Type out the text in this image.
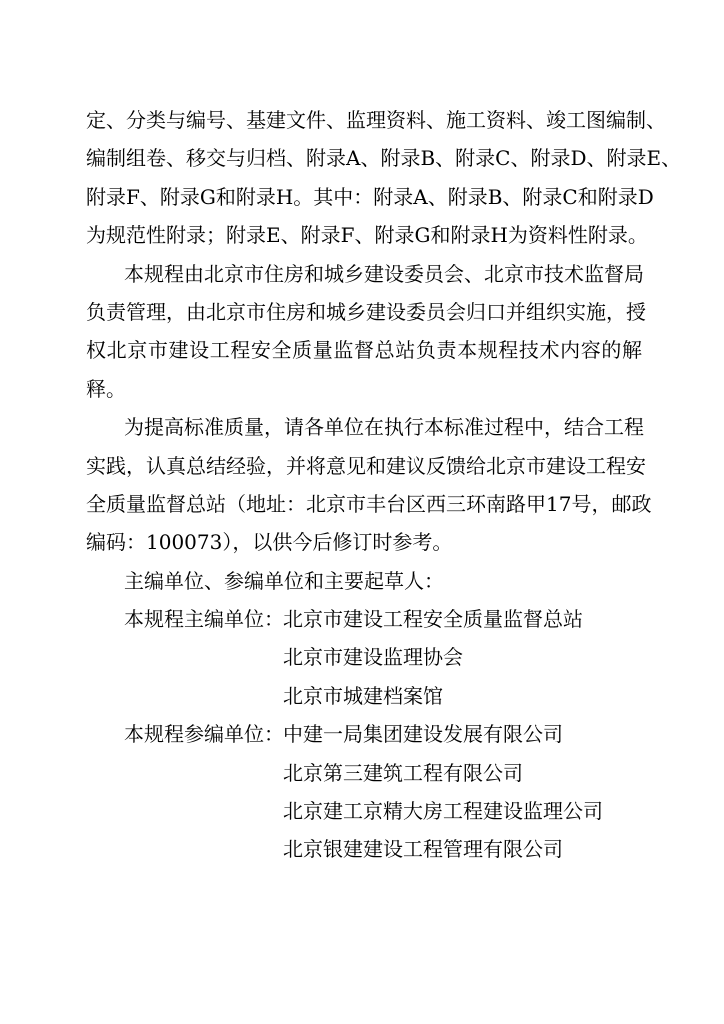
定、分类与编号、基建文件、监理资料、施工资料、竣工图编制、
编制组卷、移交与归档、附录A、附录B、附录C、附录D、附录E、
附录F、附录G和附录H。其中：附录A、附录B、附录C和附录D
为规范性附录；附录E、附录F、附录G和附录H为资料性附录。
本规程由北京市住房和城乡建设委员会、北京市技术监督局
负责管理，由北京市住房和城乡建设委员会归口并组织实施，授
权北京市建设工程安全质量监督总站负责本规程技术内容的解
释。
为提高标准质量，请各单位在执行本标准过程中，结合工程
实践，认真总结经验，并将意见和建议反馈给北京市建设工程安
全质量监督总站（地址：北京市丰台区西三环南路甲17号，邮政
编码：100073），以供今后修订时参考。
主编单位、参编单位和主要起草人：
本规程主编单位： 北京市建设工程安全质量监督总站
北京市建设监理协会
北京市城建档案馆
本规程参编单位： 中建一局集团建设发展有限公司
北京第三建筑工程有限公司
北京建工京精大房工程建设监理公司
北京银建建设工程管理有限公司
